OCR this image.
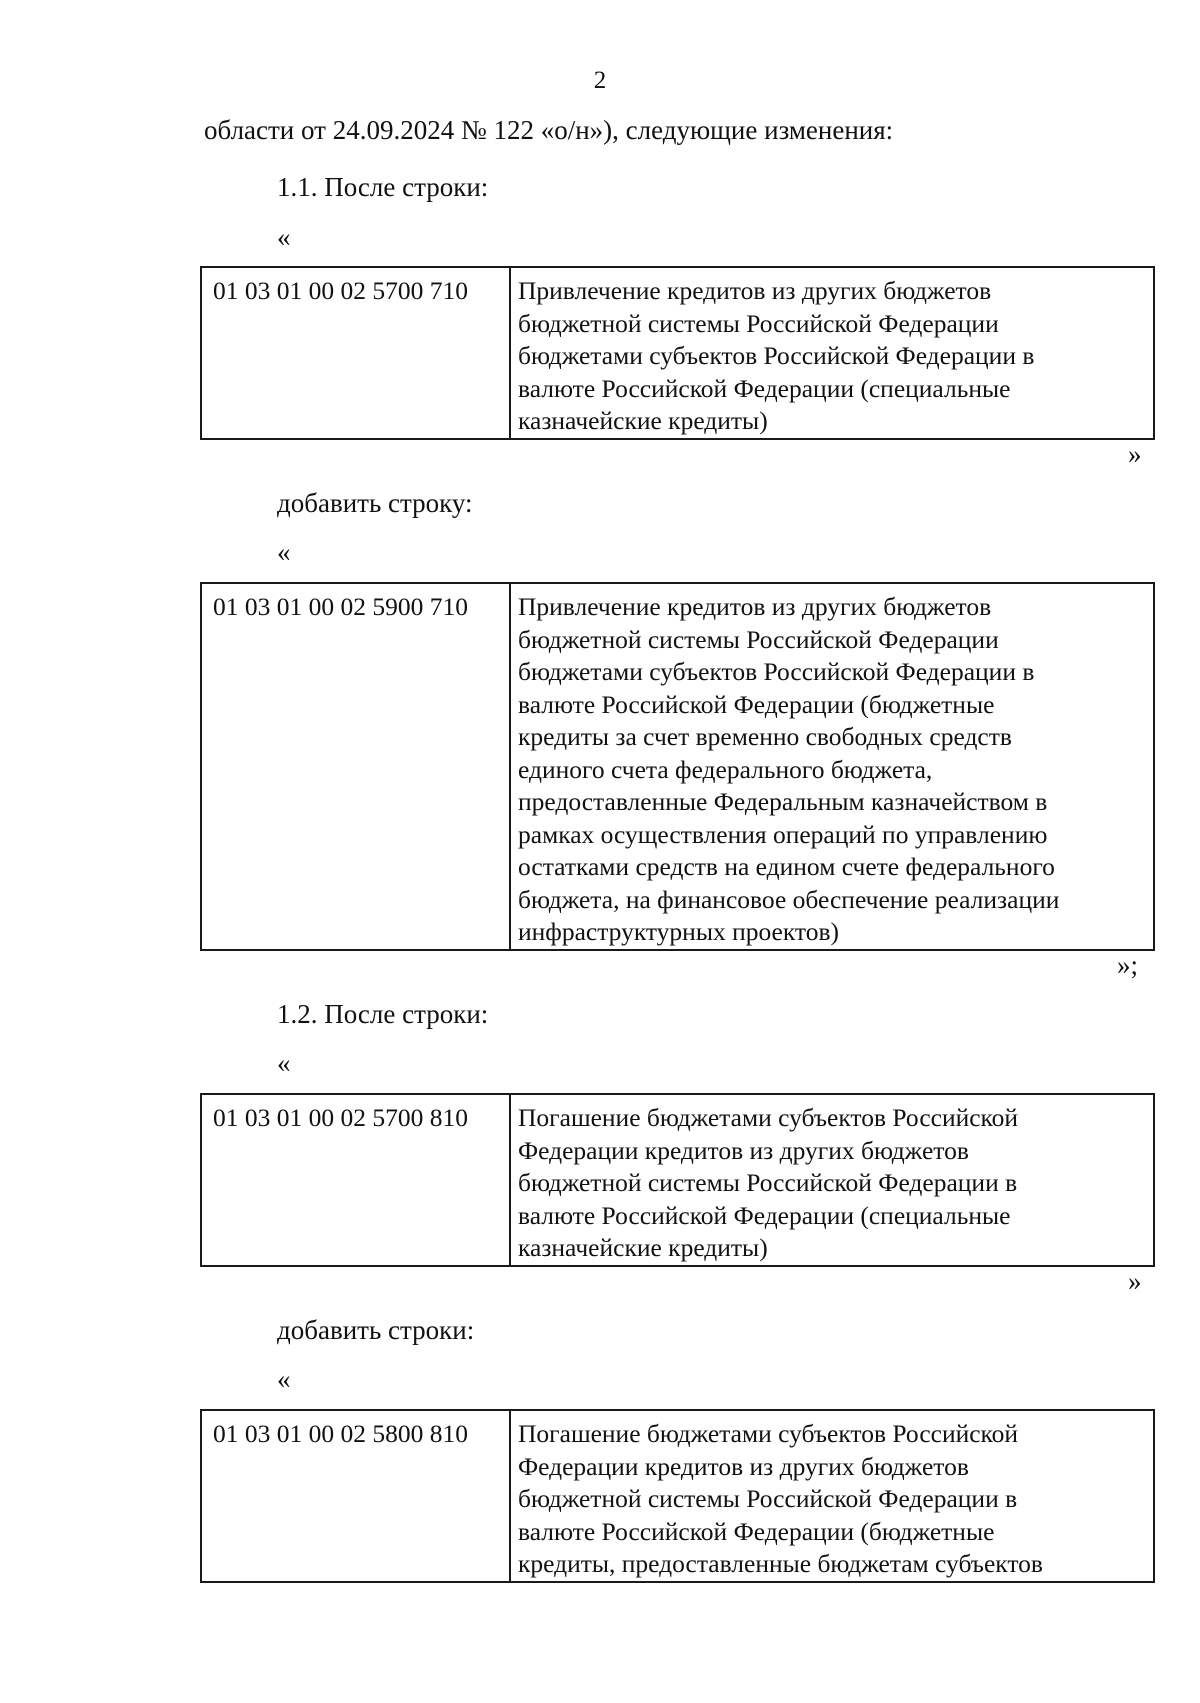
2
области от 24.09.2024 № 122 «о/н»), следующие изменения:
1.1. После строки:
«
01 03 01 00 02 5700 710	Привлечение кредитов из других бюджетов
бюджетной системы Российской Федерации
бюджетами субъектов Российской Федерации в
валюте Российской Федерации (специальные
казначейские кредиты)
»
добавить строку:
«
01 03 01 00 02 5900 710	Привлечение кредитов из других бюджетов
бюджетной системы Российской Федерации
бюджетами субъектов Российской Федерации в
валюте Российской Федерации (бюджетные
кредиты за счет временно свободных средств
единого счета федерального бюджета,
предоставленные Федеральным казначейством в
рамках осуществления операций по управлению
остатками средств на едином счете федерального
бюджета, на финансовое обеспечение реализации
инфраструктурных проектов)
»;
1.2. После строки:
«
01 03 01 00 02 5700 810	Погашение бюджетами субъектов Российской
Федерации кредитов из других бюджетов
бюджетной системы Российской Федерации в
валюте Российской Федерации (специальные
казначейские кредиты)
»
добавить строки:
«
01 03 01 00 02 5800 810	Погашение бюджетами субъектов Российской
Федерации кредитов из других бюджетов
бюджетной системы Российской Федерации в
валюте Российской Федерации (бюджетные
кредиты, предоставленные бюджетам субъектов
